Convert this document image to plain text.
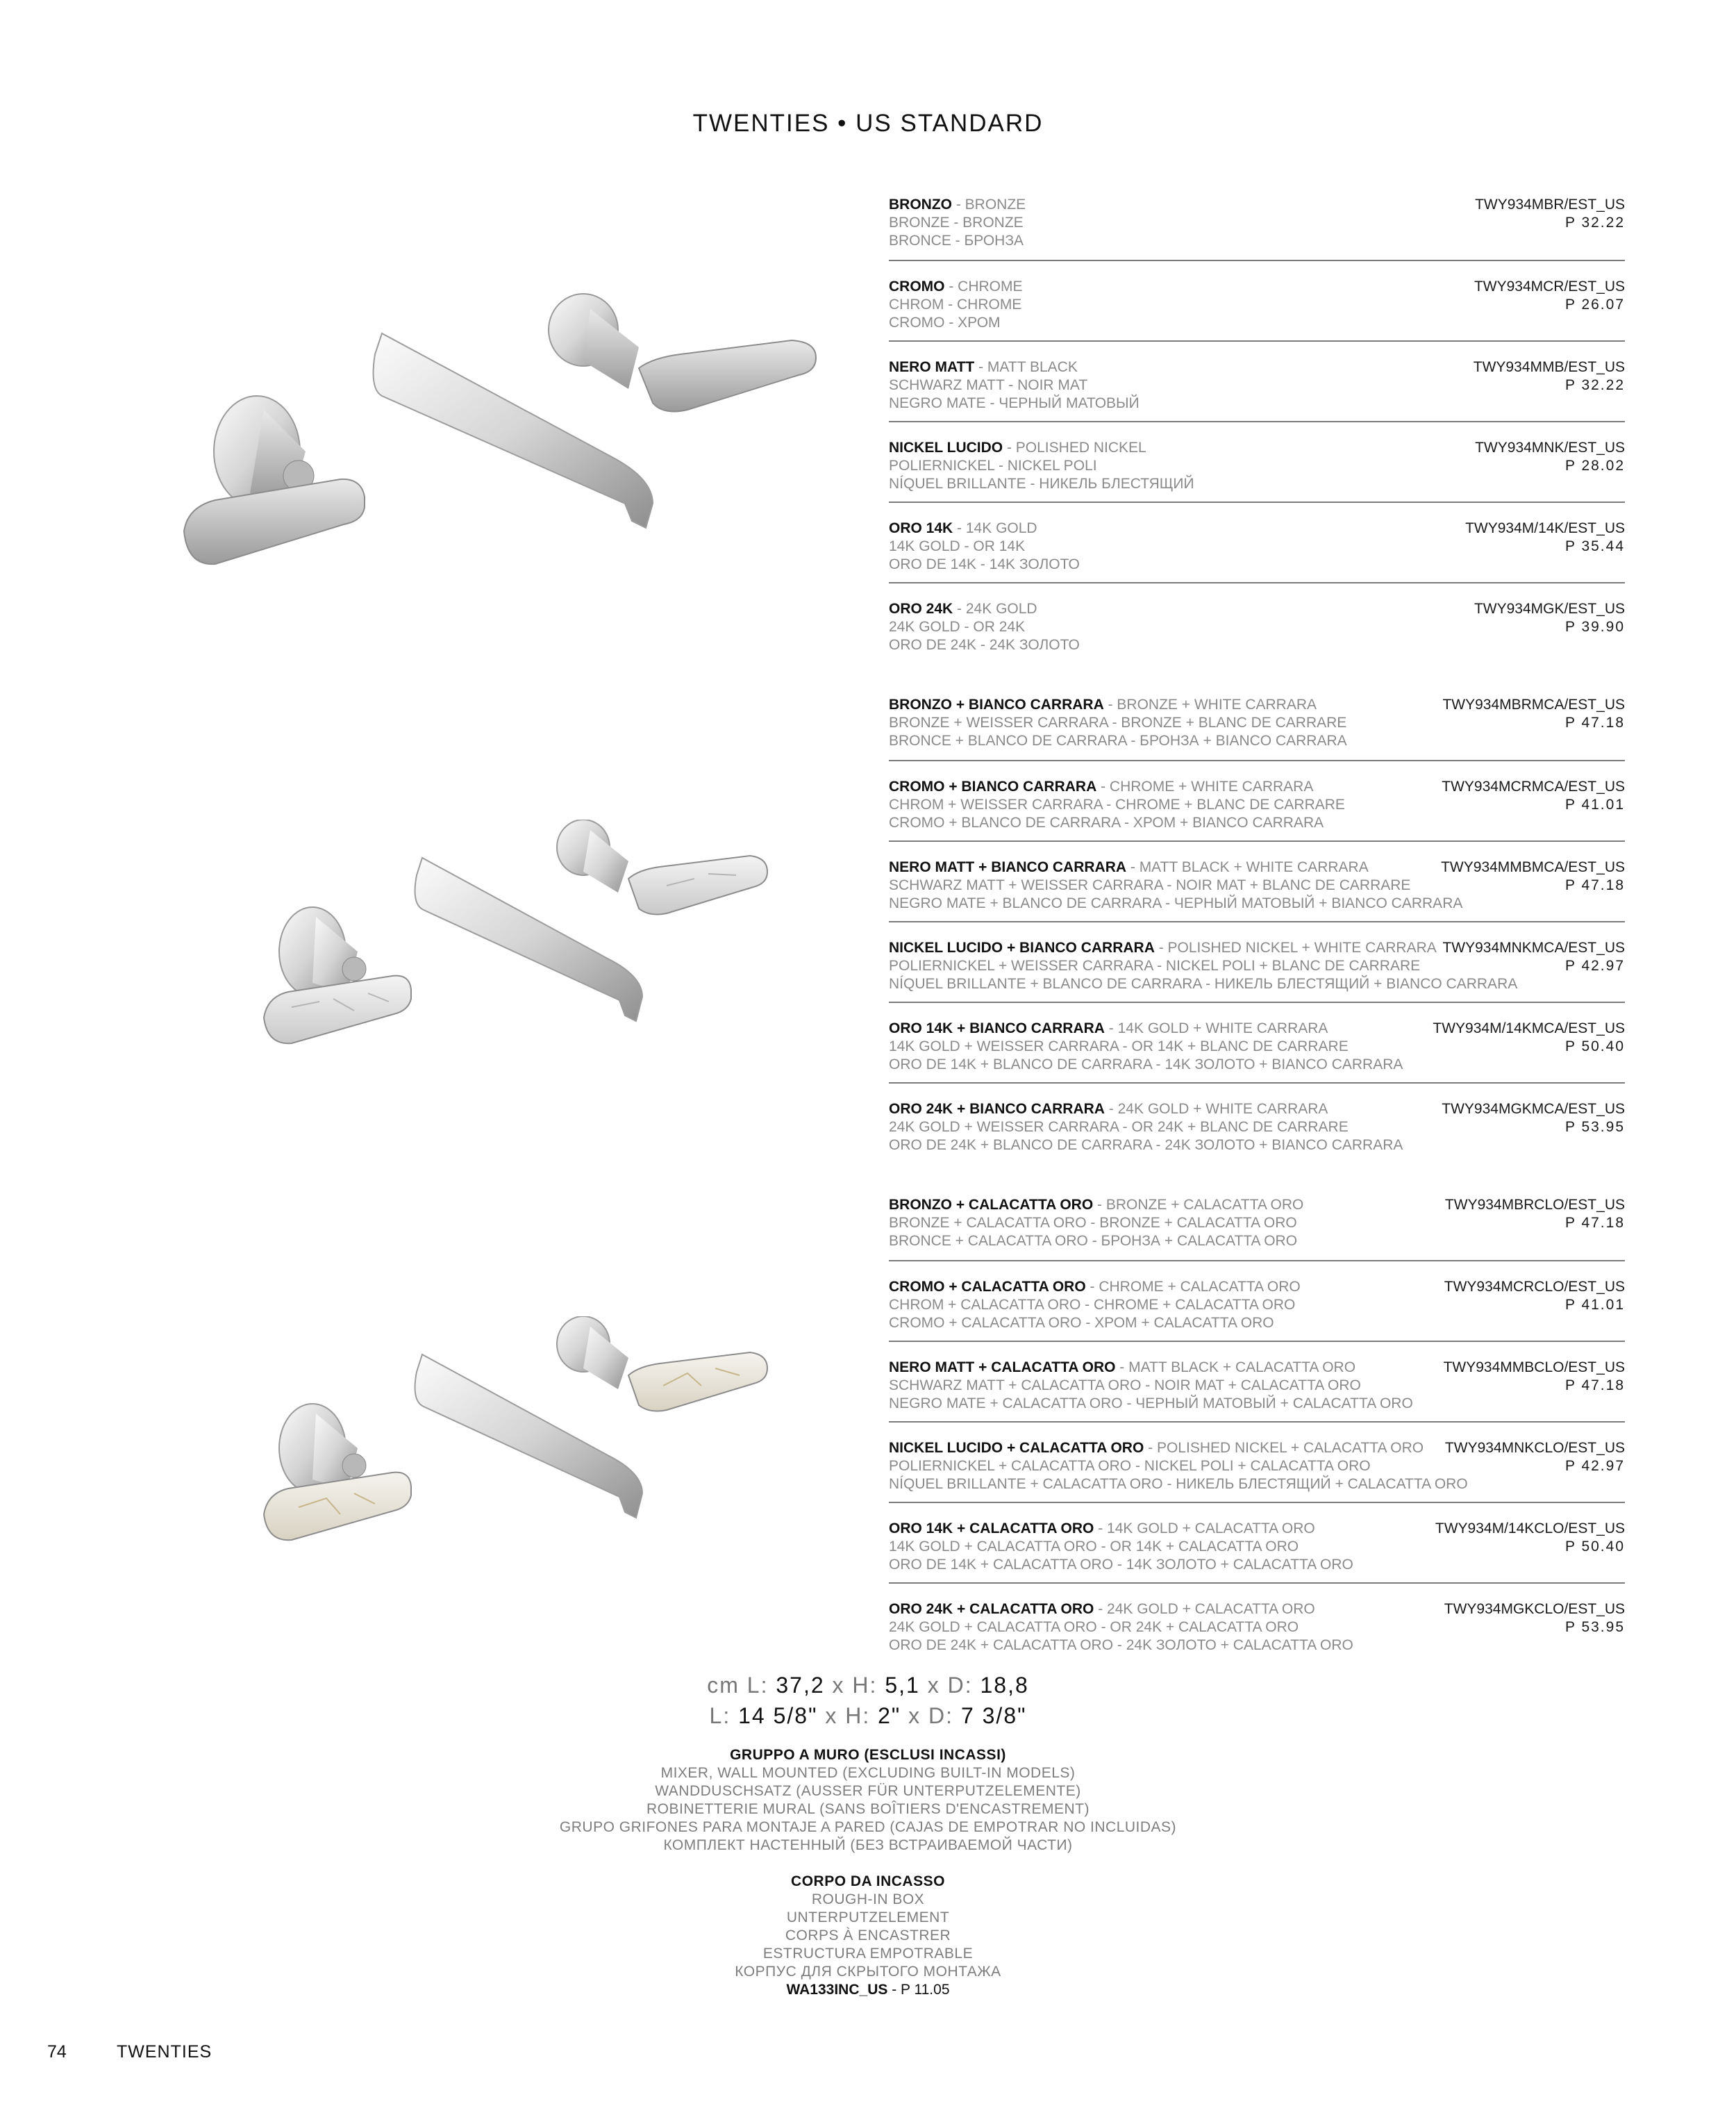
TWENTIES • US STANDARD
BRONZO - BRONZE
BRONZE - BRONZE
BRONCE - БРОНЗА
TWY934MBR/EST_US
P 32.22
CROMO - CHROME
CHROM - CHROME
CROMO - ХРОМ
TWY934MCR/EST_US
P 26.07
NERO MATT - MATT BLACK
SCHWARZ MATT - NOIR MAT
NEGRO MATE - ЧЕРНЫЙ МАТОВЫЙ
TWY934MMB/EST_US
P 32.22
NICKEL LUCIDO - POLISHED NICKEL
POLIERNICKEL - NICKEL POLI
NÍQUEL BRILLANTE - НИКЕЛЬ БЛЕСТЯЩИЙ
TWY934MNK/EST_US
P 28.02
ORO 14K - 14K GOLD
14K GOLD - OR 14K
ORO DE 14K - 14K ЗОЛОТО
TWY934M/14K/EST_US
P 35.44
ORO 24K - 24K GOLD
24K GOLD - OR 24K
ORO DE 24K - 24K ЗОЛОТО
TWY934MGK/EST_US
P 39.90
BRONZO + BIANCO CARRARA - BRONZE + WHITE CARRARA
BRONZE + WEISSER CARRARA - BRONZE + BLANC DE CARRARE
BRONCE + BLANCO DE CARRARA - БРОНЗА + BIANCO CARRARA
TWY934MBRMCA/EST_US
P 47.18
CROMO + BIANCO CARRARA - CHROME + WHITE CARRARA
CHROM + WEISSER CARRARA - CHROME + BLANC DE CARRARE
CROMO + BLANCO DE CARRARA - ХРОМ + BIANCO CARRARA
TWY934MCRMCA/EST_US
P 41.01
NERO MATT + BIANCO CARRARA - MATT BLACK + WHITE CARRARA
SCHWARZ MATT + WEISSER CARRARA - NOIR MAT + BLANC DE CARRARE
NEGRO MATE + BLANCO DE CARRARA - ЧЕРНЫЙ МАТОВЫЙ + BIANCO CARRARA
TWY934MMBMCA/EST_US
P 47.18
NICKEL LUCIDO + BIANCO CARRARA - POLISHED NICKEL + WHITE CARRARA
POLIERNICKEL + WEISSER CARRARA - NICKEL POLI + BLANC DE CARRARE
NÍQUEL BRILLANTE + BLANCO DE CARRARA - НИКЕЛЬ БЛЕСТЯЩИЙ + BIANCO CARRARA
TWY934MNKMCA/EST_US
P 42.97
ORO 14K + BIANCO CARRARA - 14K GOLD + WHITE CARRARA
14K GOLD + WEISSER CARRARA - OR 14K + BLANC DE CARRARE
ORO DE 14K + BLANCO DE CARRARA - 14K ЗОЛОТО + BIANCO CARRARA
TWY934M/14KMCA/EST_US
P 50.40
ORO 24K + BIANCO CARRARA - 24K GOLD + WHITE CARRARA
24K GOLD + WEISSER CARRARA - OR 24K + BLANC DE CARRARE
ORO DE 24K + BLANCO DE CARRARA - 24K ЗОЛОТО + BIANCO CARRARA
TWY934MGKMCA/EST_US
P 53.95
BRONZO + CALACATTA ORO - BRONZE + CALACATTA ORO
BRONZE + CALACATTA ORO - BRONZE + CALACATTA ORO
BRONCE + CALACATTA ORO - БРОНЗА + CALACATTA ORO
TWY934MBRCLO/EST_US
P 47.18
CROMO + CALACATTA ORO - CHROME + CALACATTA ORO
CHROM + CALACATTA ORO - CHROME + CALACATTA ORO
CROMO + CALACATTA ORO - ХРОМ + CALACATTA ORO
TWY934MCRCLO/EST_US
P 41.01
NERO MATT + CALACATTA ORO - MATT BLACK + CALACATTA ORO
SCHWARZ MATT + CALACATTA ORO - NOIR MAT + CALACATTA ORO
NEGRO MATE + CALACATTA ORO - ЧЕРНЫЙ МАТОВЫЙ + CALACATTA ORO
TWY934MMBCLO/EST_US
P 47.18
NICKEL LUCIDO + CALACATTA ORO - POLISHED NICKEL + CALACATTA ORO
POLIERNICKEL + CALACATTA ORO - NICKEL POLI + CALACATTA ORO
NÍQUEL BRILLANTE + CALACATTA ORO - НИКЕЛЬ БЛЕСТЯЩИЙ + CALACATTA ORO
TWY934MNKCLO/EST_US
P 42.97
ORO 14K + CALACATTA ORO - 14K GOLD + CALACATTA ORO
14K GOLD + CALACATTA ORO - OR 14K + CALACATTA ORO
ORO DE 14K + CALACATTA ORO - 14K ЗОЛОТО + CALACATTA ORO
TWY934M/14KCLO/EST_US
P 50.40
ORO 24K + CALACATTA ORO - 24K GOLD + CALACATTA ORO
24K GOLD + CALACATTA ORO - OR 24K + CALACATTA ORO
ORO DE 24K + CALACATTA ORO - 24K ЗОЛОТО + CALACATTA ORO
TWY934MGKCLO/EST_US
P 53.95
cm L: 37,2 x H: 5,1 x D: 18,8
L: 14 5/8" x H: 2" x D: 7 3/8"
GRUPPO A MURO (ESCLUSI INCASSI)
MIXER, WALL MOUNTED (EXCLUDING BUILT-IN MODELS)
WANDDUSCHSATZ (AUSSER FÜR UNTERPUTZELEMENTE)
ROBINETTERIE MURAL (SANS BOÎTIERS D'ENCASTREMENT)
GRUPO GRIFONES PARA MONTAJE A PARED (CAJAS DE EMPOTRAR NO INCLUIDAS)
КОМПЛЕКТ НАСТЕННЫЙ (БЕЗ ВСТРАИВАЕМОЙ ЧАСТИ)
CORPO DA INCASSO
ROUGH-IN BOX
UNTERPUTZELEMENT
CORPS À ENCASTRER
ESTRUCTURA EMPOTRABLE
КОРПУС ДЛЯ СКРЫТОГО МОНТАЖА
WA133INC_US - P 11.05
74	TWENTIES
